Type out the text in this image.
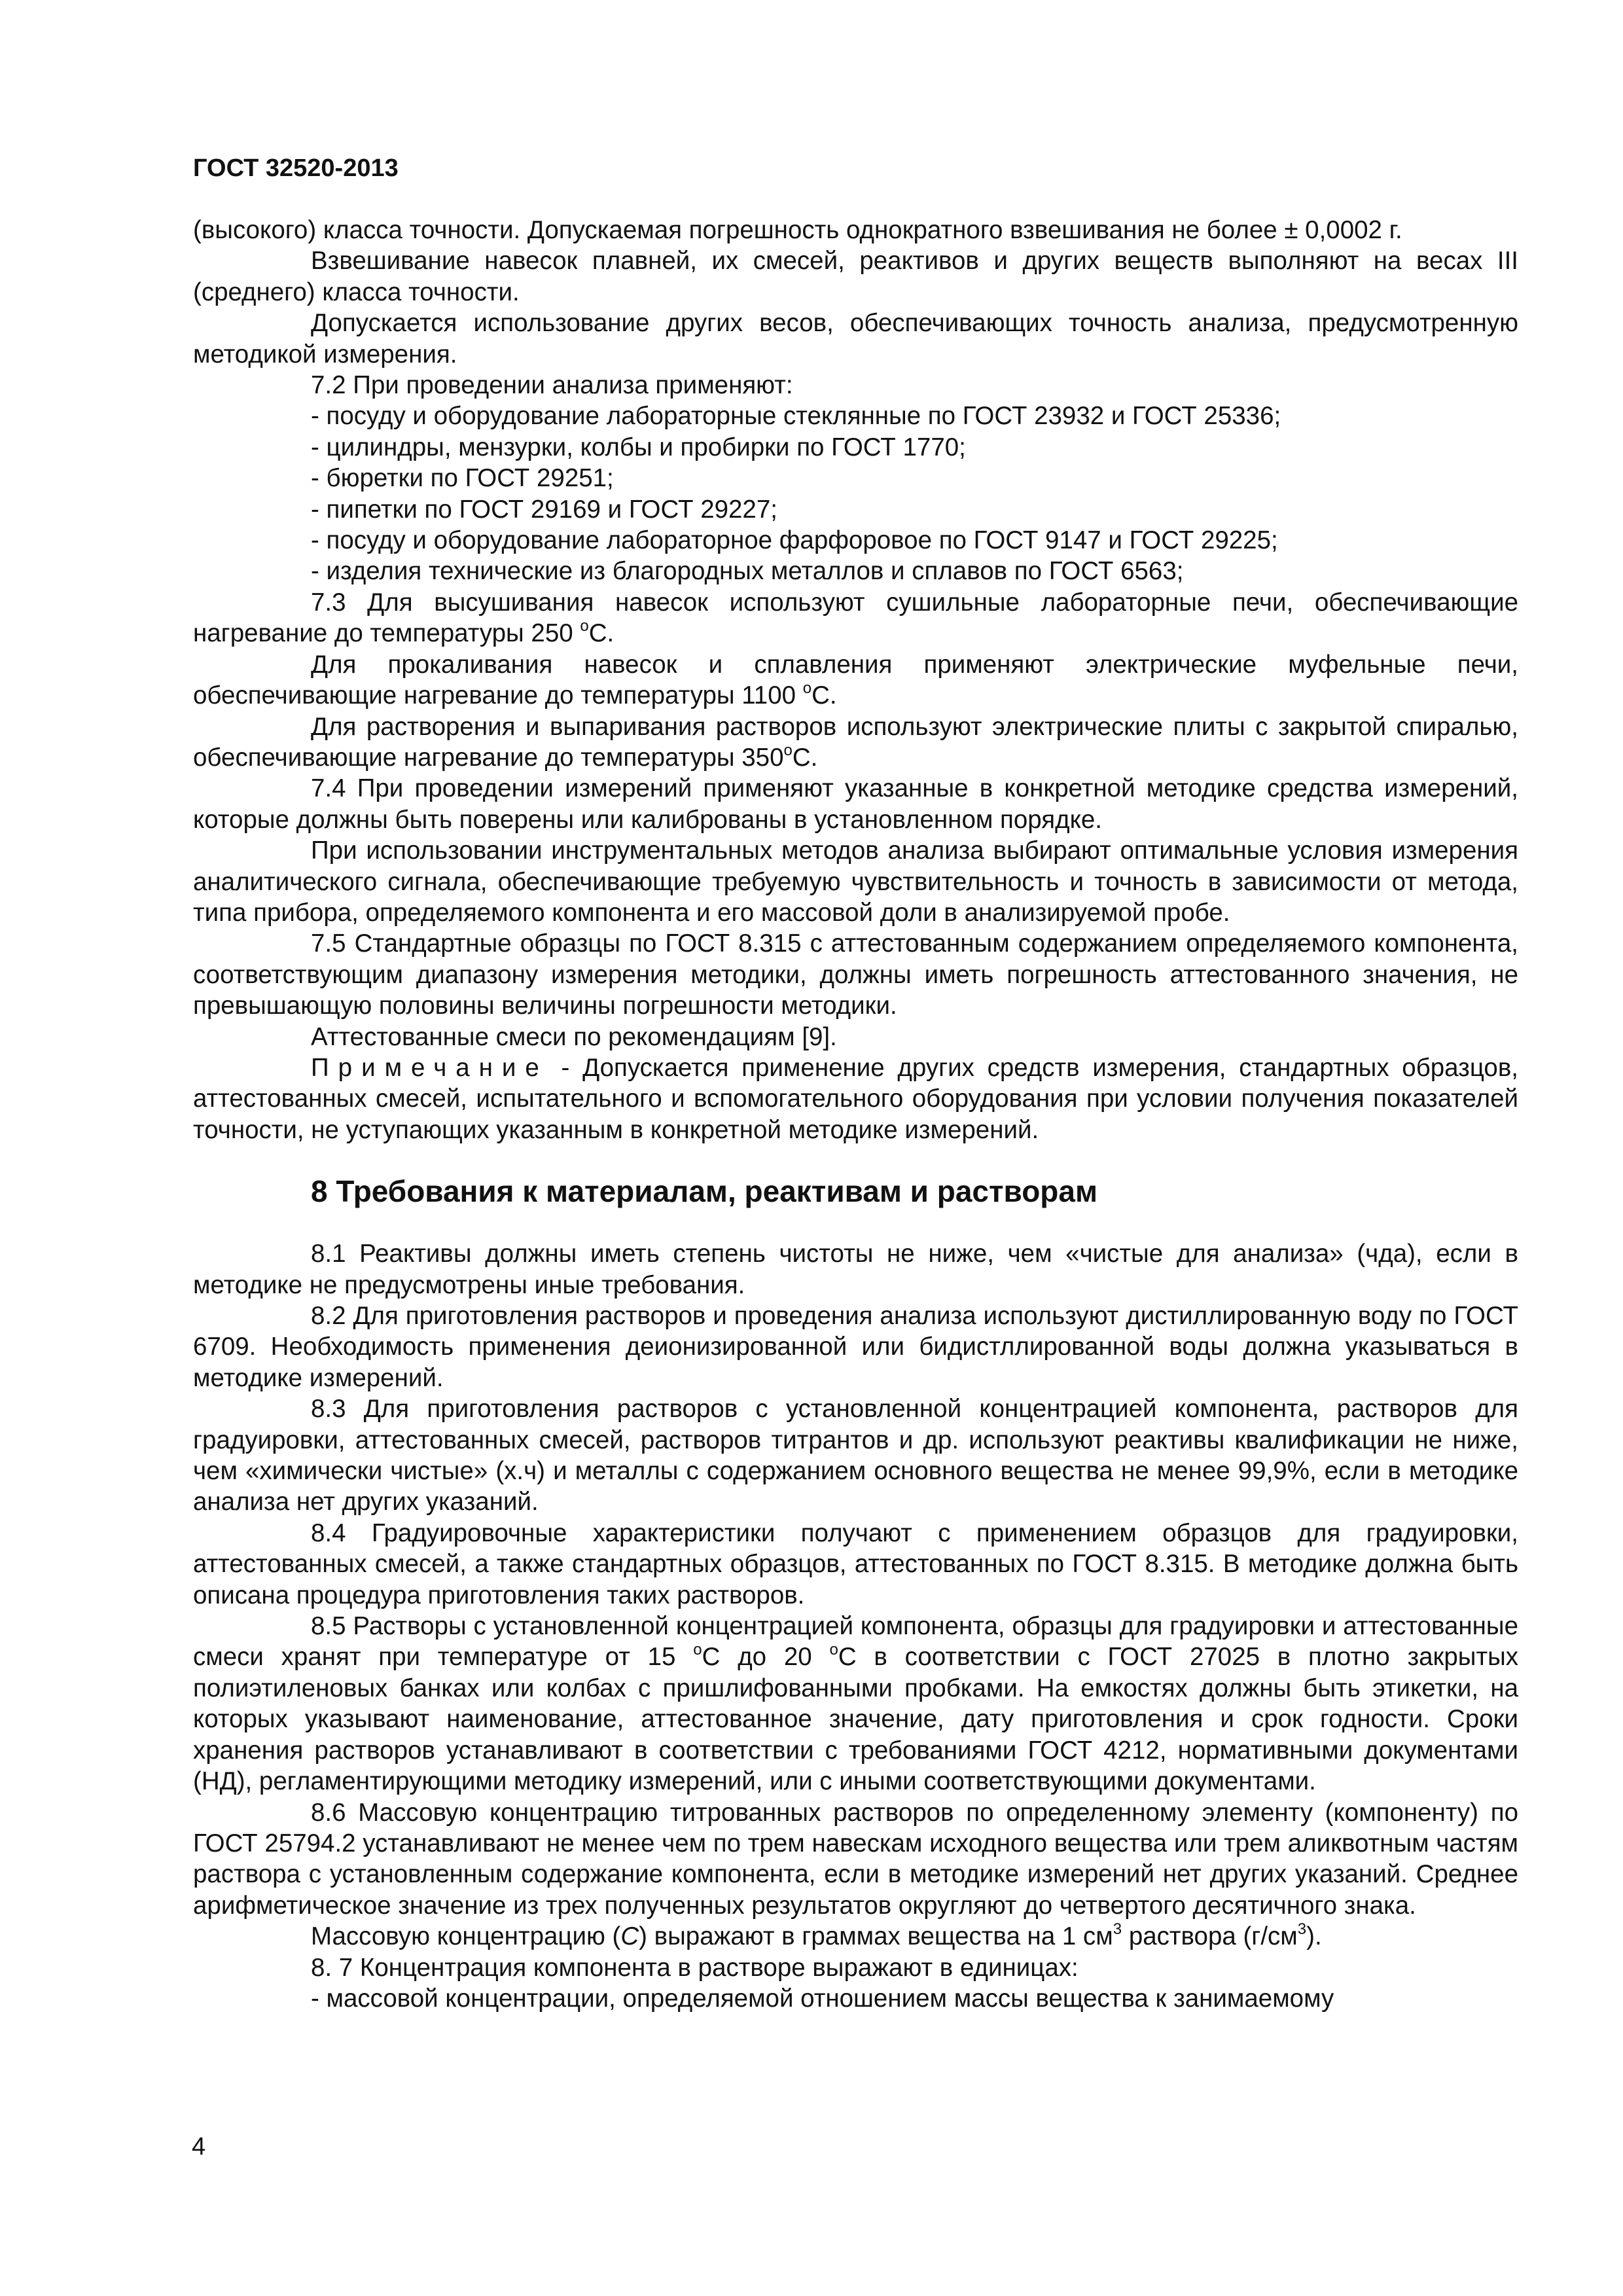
ГОСТ 32520-2013

(высокого) класса точности. Допускаемая погрешность однократного взвешивания не более ± 0,0002 г.

Взвешивание навесок плавней, их смесей, реактивов и других веществ выполняют на весах III (среднего) класса точности.

Допускается использование других весов, обеспечивающих точность анализа, предусмотренную методикой измерения.

7.2 При проведении анализа применяют:

- посуду и оборудование лабораторные стеклянные по ГОСТ 23932 и ГОСТ 25336;

- цилиндры, мензурки, колбы и пробирки по ГОСТ 1770;

- бюретки по ГОСТ 29251;

- пипетки по ГОСТ 29169 и ГОСТ 29227;

- посуду и оборудование лабораторное фарфоровое по ГОСТ 9147 и ГОСТ 29225;

- изделия технические из благородных металлов и сплавов по ГОСТ 6563;

7.3 Для высушивания навесок используют сушильные лабораторные печи, обеспечивающие нагревание до температуры 250 $^o$С.

Для прокаливания навесок и сплавления применяют электрические муфельные печи, обеспечивающие нагревание до температуры 1100 $^o$С.

Для растворения и выпаривания растворов используют электрические плиты с закрытой спиралью, обеспечивающие нагревание до температуры 350$^o$С.

7.4 При проведении измерений применяют указанные в конкретной методике средства измерений, которые должны быть поверены или калиброваны в установленном порядке.

При использовании инструментальных методов анализа выбирают оптимальные условия измерения аналитического сигнала, обеспечивающие требуемую чувствительность и точность в зависимости от метода, типа прибора, определяемого компонента и его массовой доли в анализируемой пробе.

7.5 Стандартные образцы по ГОСТ 8.315 с аттестованным содержанием определяемого компонента, соответствующим диапазону измерения методики, должны иметь погрешность аттестованного значения, не превышающую половины величины погрешности методики.

Аттестованные смеси по рекомендациям [9].

Примечание - Допускается применение других средств измерения, стандартных образцов, аттестованных смесей, испытательного и вспомогательного оборудования при условии получения показателей точности, не уступающих указанным в конкретной методике измерений.

8 Требования к материалам, реактивам и растворам

8.1 Реактивы должны иметь степень чистоты не ниже, чем «чистые для анализа» (чда), если в методике не предусмотрены иные требования.

8.2 Для приготовления растворов и проведения анализа используют дистиллированную воду по ГОСТ 6709. Необходимость применения деионизированной или бидистллированной воды должна указываться в методике измерений.

8.3 Для приготовления растворов с установленной концентрацией компонента, растворов для градуировки, аттестованных смесей, растворов титрантов и др. используют реактивы квалификации не ниже, чем «химически чистые» (х.ч) и металлы с содержанием основного вещества не менее 99,9%, если в методике анализа нет других указаний.

8.4 Градуировочные характеристики получают с применением образцов для градуировки, аттестованных смесей, а также стандартных образцов, аттестованных по ГОСТ 8.315. В методике должна быть описана процедура приготовления таких растворов.

8.5 Растворы с установленной концентрацией компонента, образцы для градуировки и аттестованные смеси хранят при температуре от 15 $^o$С до 20 $^o$С в соответствии с ГОСТ 27025 в плотно закрытых полиэтиленовых банках или колбах с пришлифованными пробками. На емкостях должны быть этикетки, на которых указывают наименование, аттестованное значение, дату приготовления и срок годности. Сроки хранения растворов устанавливают в соответствии с требованиями ГОСТ 4212, нормативными документами (НД), регламентирующими методику измерений, или с иными соответствующими документами.

8.6 Массовую концентрацию титрованных растворов по определенному элементу (компоненту) по ГОСТ 25794.2 устанавливают не менее чем по трем навескам исходного вещества или трем аликвотным частям раствора с установленным содержание компонента, если в методике измерений нет других указаний. Среднее арифметическое значение из трех полученных результатов округляют до четвертого десятичного знака.

Массовую концентрацию (С) выражают в граммах вещества на 1 $см^3$ раствора $(г/см^3)$.

8. 7 Концентрация компонента в растворе выражают в единицах:

- массовой концентрации, определяемой отношением массы вещества к занимаемому

4
